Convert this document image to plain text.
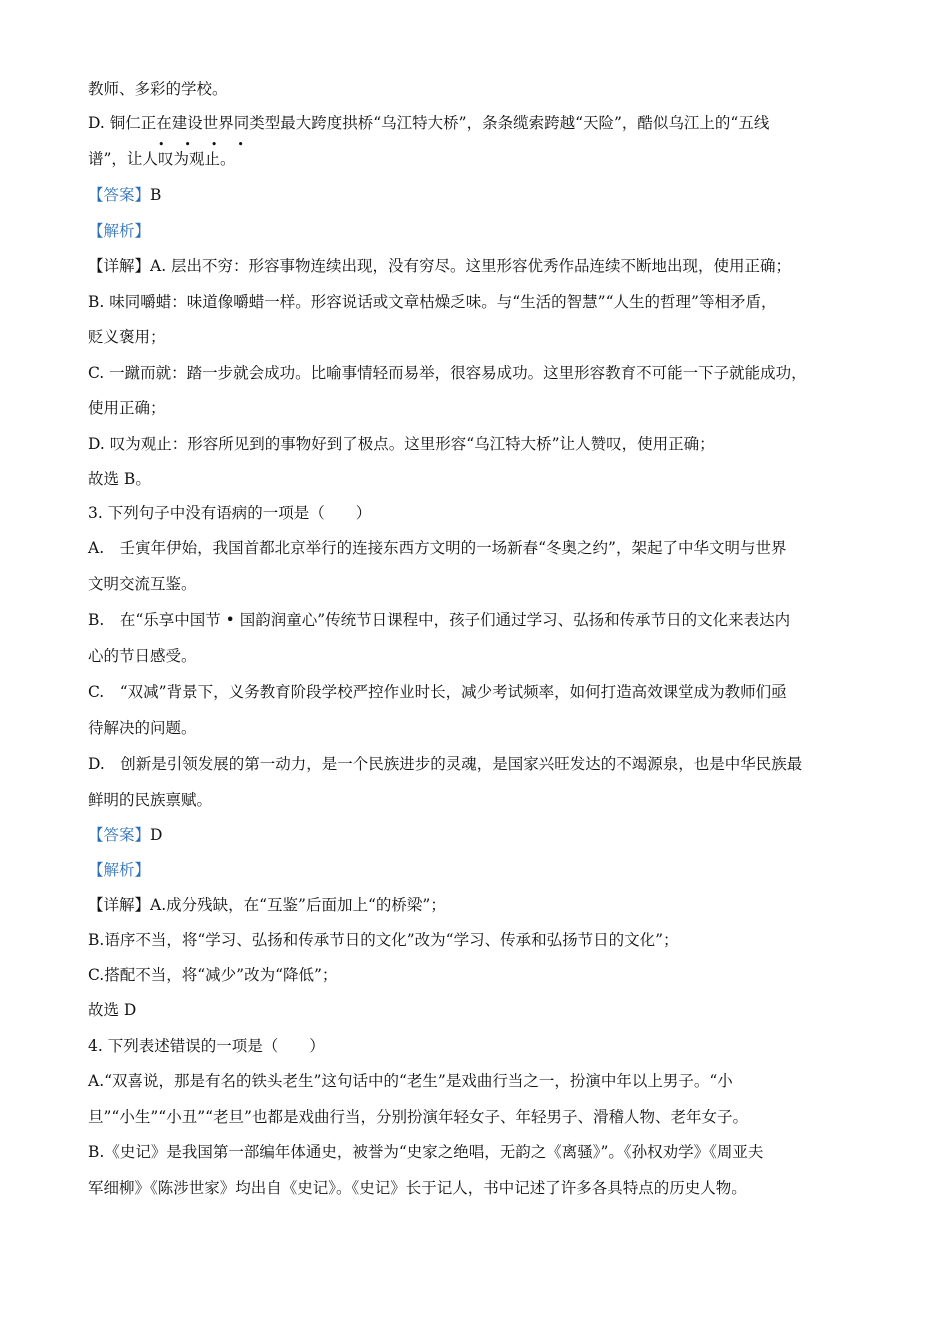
教师、多彩的学校。
D. 铜仁正在建设世界同类型最大跨度拱桥“乌江特大桥”，条条缆索跨越“天险”，酷似乌江上的“五线
谱”，让人
• • • •
叹为观止。
【答案】B
【解析】
【详解】A. 层出不穷：形容事物连续出现，没有穷尽。这里形容优秀作品连续不断地出现，使用正确；
B. 味同嚼蜡：味道像嚼蜡一样。形容说话或文章枯燥乏味。与“生活的智慧”“人生的哲理”等相矛盾，
贬义褒用；
C. 一蹴而就：踏一步就会成功。比喻事情轻而易举，很容易成功。这里形容教育不可能一下子就能成功，
使用正确；
D. 叹为观止：形容所见到的事物好到了极点。这里形容“乌江特大桥”让人赞叹，使用正确；
故选 B。
3. 下列句子中没有语病的一项是（　　）
A.　壬寅年伊始，我国首都北京举行的连接东西方文明的一场新春“冬奥之约”，架起了中华文明与世界
文明交流互鉴。
B.　在“乐享中国节 • 国韵润童心”传统节日课程中，孩子们通过学习、弘扬和传承节日的文化来表达内
心的节日感受。
C.　“双减”背景下，义务教育阶段学校严控作业时长，减少考试频率，如何打造高效课堂成为教师们亟
待解决的问题。
D.　创新是引领发展的第一动力，是一个民族进步的灵魂，是国家兴旺发达的不竭源泉，也是中华民族最
鲜明的民族禀赋。
【答案】D
【解析】
【详解】A.成分残缺，在“互鉴”后面加上“的桥梁”；
B.语序不当，将“学习、弘扬和传承节日的文化”改为“学习、传承和弘扬节日的文化”；
C.搭配不当，将“减少”改为“降低”；
故选 D
4. 下列表述错误的一项是（　　）
A.“双喜说，那是有名的铁头老生”这句话中的“老生”是戏曲行当之一，扮演中年以上男子。“小
旦”“小生”“小丑”“老旦”也都是戏曲行当，分别扮演年轻女子、年轻男子、滑稽人物、老年女子。
B.《史记》是我国第一部编年体通史，被誉为“史家之绝唱，无韵之《离骚》”。《孙权劝学》《周亚夫
军细柳》《陈涉世家》均出自《史记》。《史记》长于记人，书中记述了许多各具特点的历史人物。
